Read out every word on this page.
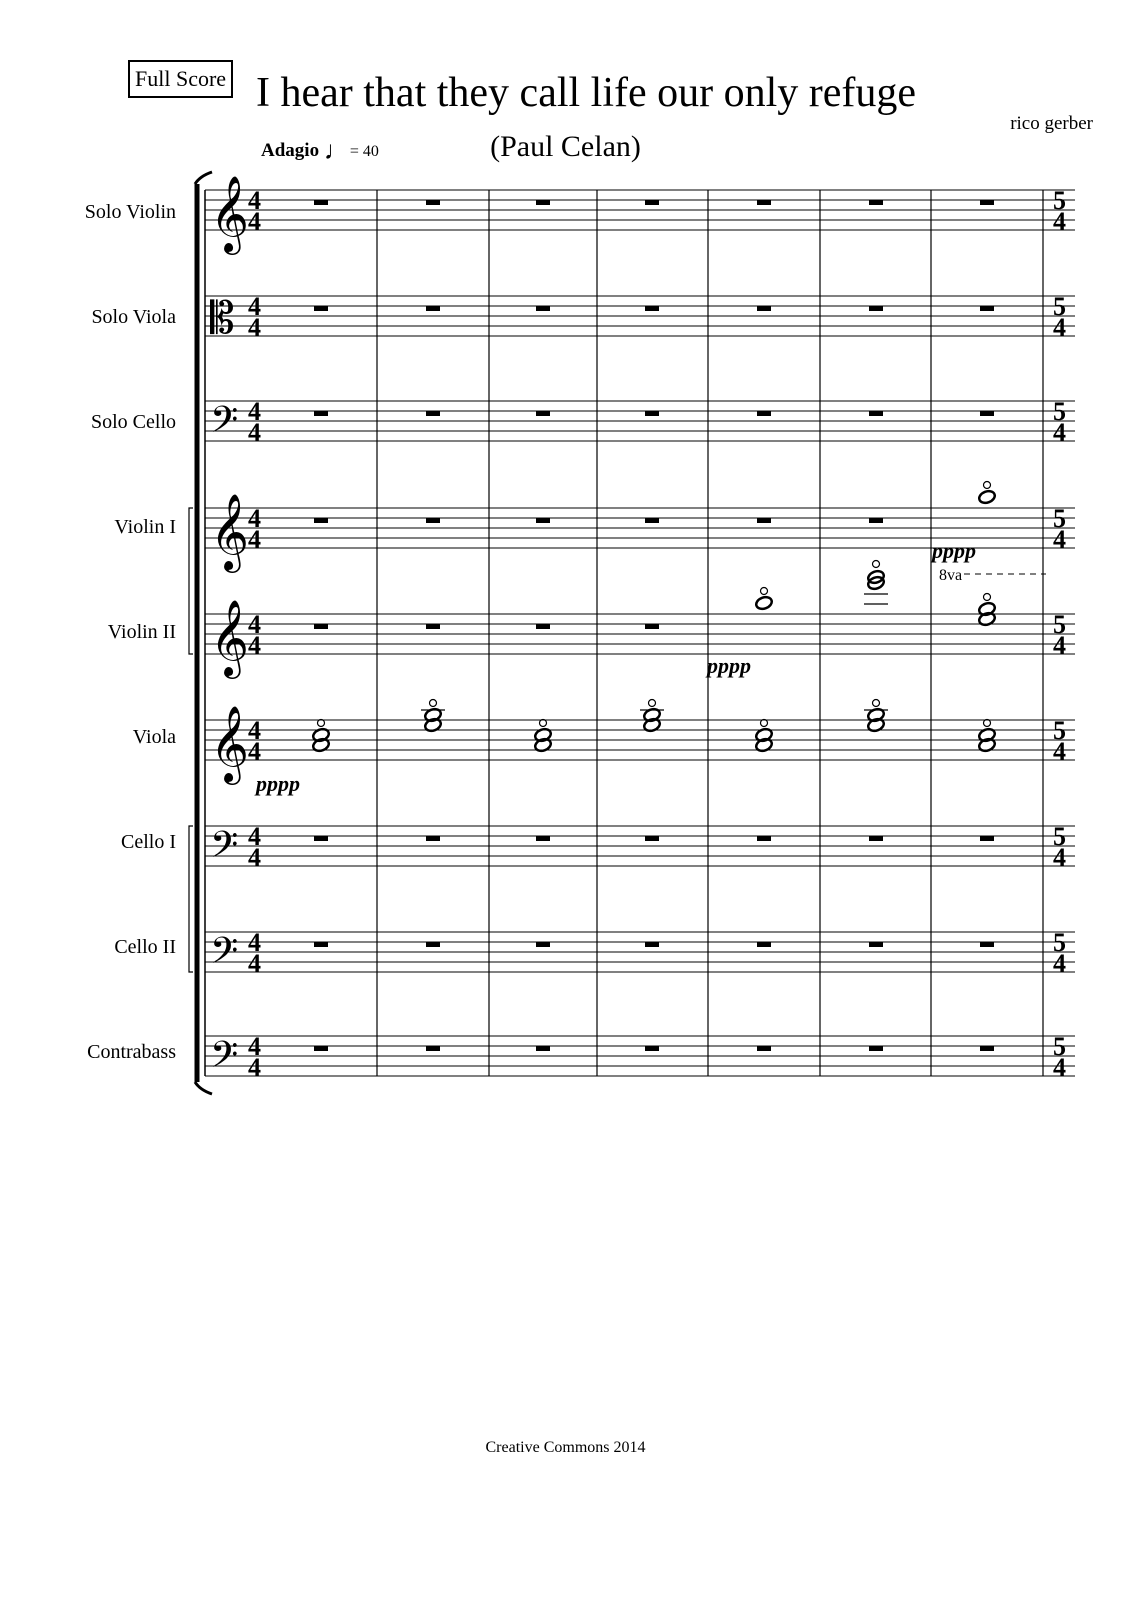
Full Score I hear that they call life our only refuge
(Paul Celan)
rico gerber
Adagio ♩= 40
Solo Violin
Solo Viola
Solo Cello
Violin I
Violin II
Viola
Cello I
Cello II
Contrabass
𝄞
𝄡
𝄢
𝄞
𝄞
𝄞
𝄢
𝄢
𝄢
4
4
5
4
4
4
5
4
4
4
5
4
4
4
5
4
4
4
5
4
4
4
5
4
4
4
5
4
4
4
5
4
4
4
5
4
pppp
pppp
pppp
8va
Creative Commons 2014
